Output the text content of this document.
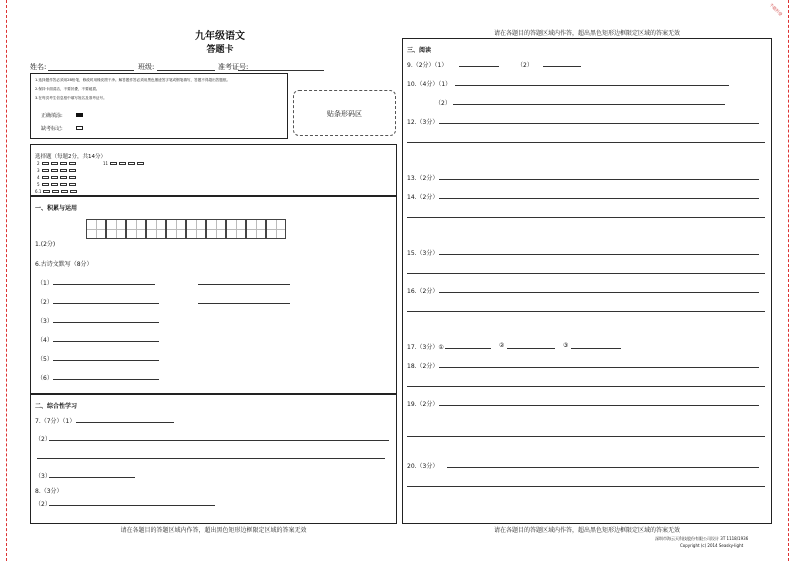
不能折叠
九年级语文
答题卡
姓名:	班级:	准考证号:
1.选择题作答必须用2B铅笔，修改时用橡皮擦干净。解答题作答必须用黑色墨迹签字笔或钢笔填写，答题不得超出答题框。
2.保持卡面清洁，不要折叠，不要破损。
3.在每页考生信息框中填写姓名及准考证号。
正确填涂:
缺考标记:
贴条形码区
选择题（每题2分，共14分）
2	11
3
4
5
6.1
一、积累与运用
1.(2分)
6.古诗文默写（8分）
（1）
（2）
（3）
（4）
（5）
（6）
二、综合性学习
7.（7分）（1）
（2）
（3）
8.（3分）
（2）
请在各题目的答题区域内作答，超出黑色矩形边框限定区域的答案无效
请在各题目的答题区域内作答，超出黑色矩形边框限定区域的答案无效
三、阅读
9.（2分）（1）	（2）
10.（4分）（1）
（2）
12.（3分）
13.（2分）
14.（2分）
15.（3分）
16.（2分）
17.（3分）①	②	③
18.（2分）
19.（2分）
20.（3分）
请在各题目的答题区域内作答，超出黑色矩形边框限定区域的答案无效
深圳市海云天科技股份有限公司设计 3T 1118/1936
Copyright (c) 2014 Seasky-light
